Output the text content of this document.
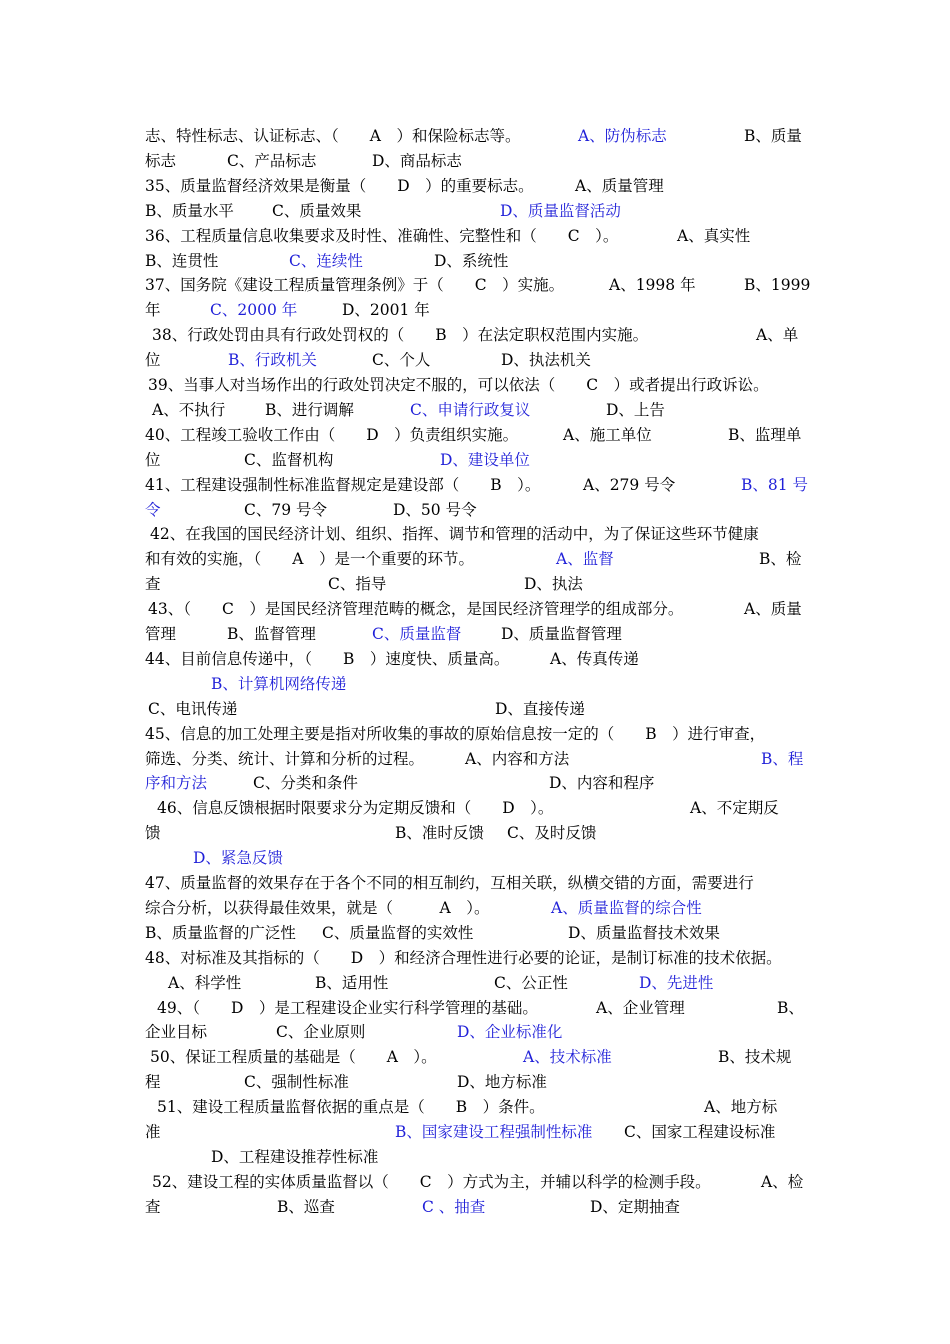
志、特性标志、认证标志、（　　A　）和保险标志等。	A、防伪标志	B、质量
标志	C、产品标志	D、商品标志
35、质量监督经济效果是衡量（　　D　）的重要标志。	A、质量管理
B、质量水平 C、质量效果	D、质量监督活动
36、工程质量信息收集要求及时性、准确性、完整性和（　　C　）。	A、真实性
B、连贯性	C、连续性	D、系统性
37、国务院《建设工程质量管理条例》于（　　C　）实施。	A、1998 年	B、1999
年	C、2000 年	D、2001 年
38、行政处罚由具有行政处罚权的（　　B　）在法定职权范围内实施。	A、单
位	B、行政机关	C、个人	D、执法机关
39、当事人对当场作出的行政处罚决定不服的，可以依法（　　C　）或者提出行政诉讼。
A、不执行	B、进行调解	C、申请行政复议	D、上告
40、工程竣工验收工作由（　　D　）负责组织实施。	A、施工单位	B、监理单
位	C、监督机构	D、建设单位
41、工程建设强制性标准监督规定是建设部（　　B　）。	A、279 号令	B、81 号
令	C、79 号令	D、50 号令
42、在我国的国民经济计划、组织、指挥、调节和管理的活动中，为了保证这些环节健康
和有效的实施，（　　A　）是一个重要的环节。	A、监督	B、检
查	C、指导	D、执法
43、（　　C　）是国民经济管理范畴的概念，是国民经济管理学的组成部分。	A、质量
管理	B、监督管理	C、质量监督	D、质量监督管理
44、目前信息传递中，（　　B　）速度快、质量高。	A、传真传递
B、计算机网络传递
C、电讯传递	D、直接传递
45、信息的加工处理主要是指对所收集的事故的原始信息按一定的（　　B　）进行审查，
筛选、分类、统计、计算和分析的过程。	A、内容和方法	B、程
序和方法	C、分类和条件	D、内容和程序
46、信息反馈根据时限要求分为定期反馈和（　　D　）。	A、不定期反
馈	B、准时反馈 C、及时反馈
D、紧急反馈
47、质量监督的效果存在于各个不同的相互制约，互相关联，纵横交错的方面，需要进行
综合分析，以获得最佳效果，就是（　　　A　）。	A、质量监督的综合性
B、质量监督的广泛性 C、质量监督的实效性	D、质量监督技术效果
48、对标准及其指标的（　　D　）和经济合理性进行必要的论证，是制订标准的技术依据。
A、科学性	B、适用性	C、公正性	D、先进性
49、（　　D　）是工程建设企业实行科学管理的基础。	A、企业管理	B、
企业目标	C、企业原则	D、企业标准化
50、保证工程质量的基础是（　　A　）。	A、技术标准	B、技术规
程	C、强制性标准	D、地方标准
51、建设工程质量监督依据的重点是（　　B　）条件。	A、地方标
准	B、国家建设工程强制性标准 C、国家工程建设标准
D、工程建设推荐性标准
52、建设工程的实体质量监督以（　　C　）方式为主，并辅以科学的检测手段。	A、检
查	B、巡查	C 、抽查	D、定期抽查
